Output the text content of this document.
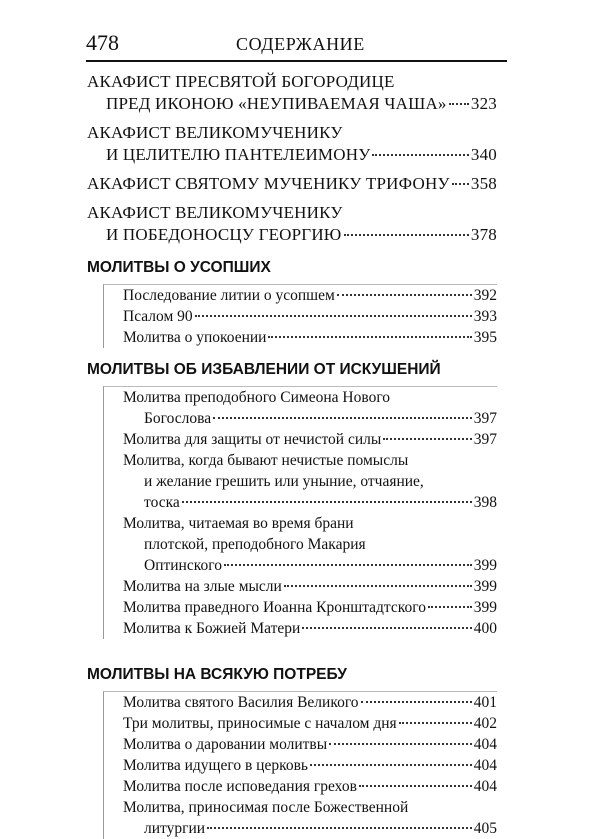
478	СОДЕРЖАНИЕ
АКАФИСТ ПРЕСВЯТОЙ БОГОРОДИЦЕ
ПРЕД ИКОНОЮ «НЕУПИВАЕМАЯ ЧАША» 323
АКАФИСТ ВЕЛИКОМУЧЕНИКУ
И ЦЕЛИТЕЛЮ ПАНТЕЛЕИМОНУ	340
АКАФИСТ СВЯТОМУ МУЧЕНИКУ ТРИФОНУ 358
АКАФИСТ ВЕЛИКОМУЧЕНИКУ
И ПОБЕДОНОСЦУ ГЕОРГИЮ	378
МОЛИТВЫ О УСОПШИХ
Последование литии о усопшем	392
Псалом 90	393
Молитва о упокоении	395
МОЛИТВЫ ОБ ИЗБАВЛЕНИИ ОТ ИСКУШЕНИЙ
Молитва преподобного Симеона Нового
Богослова	397
Молитва для защиты от нечистой силы	397
Молитва, когда бывают нечистые помыслы
и желание грешить или уныние, отчаяние,
тоска	398
Молитва, читаемая во время брани
плотской, преподобного Макария
Оптинского	399
Молитва на злые мысли	399
Молитва праведного Иоанна Кронштадтского	399
Молитва к Божией Матери	400
МОЛИТВЫ НА ВСЯКУЮ ПОТРЕБУ
Молитва святого Василия Великого	401
Три молитвы, приносимые с началом дня	402
Молитва о даровании молитвы	404
Молитва идущего в церковь	404
Молитва после исповедания грехов	404
Молитва, приносимая после Божественной
литургии	405
